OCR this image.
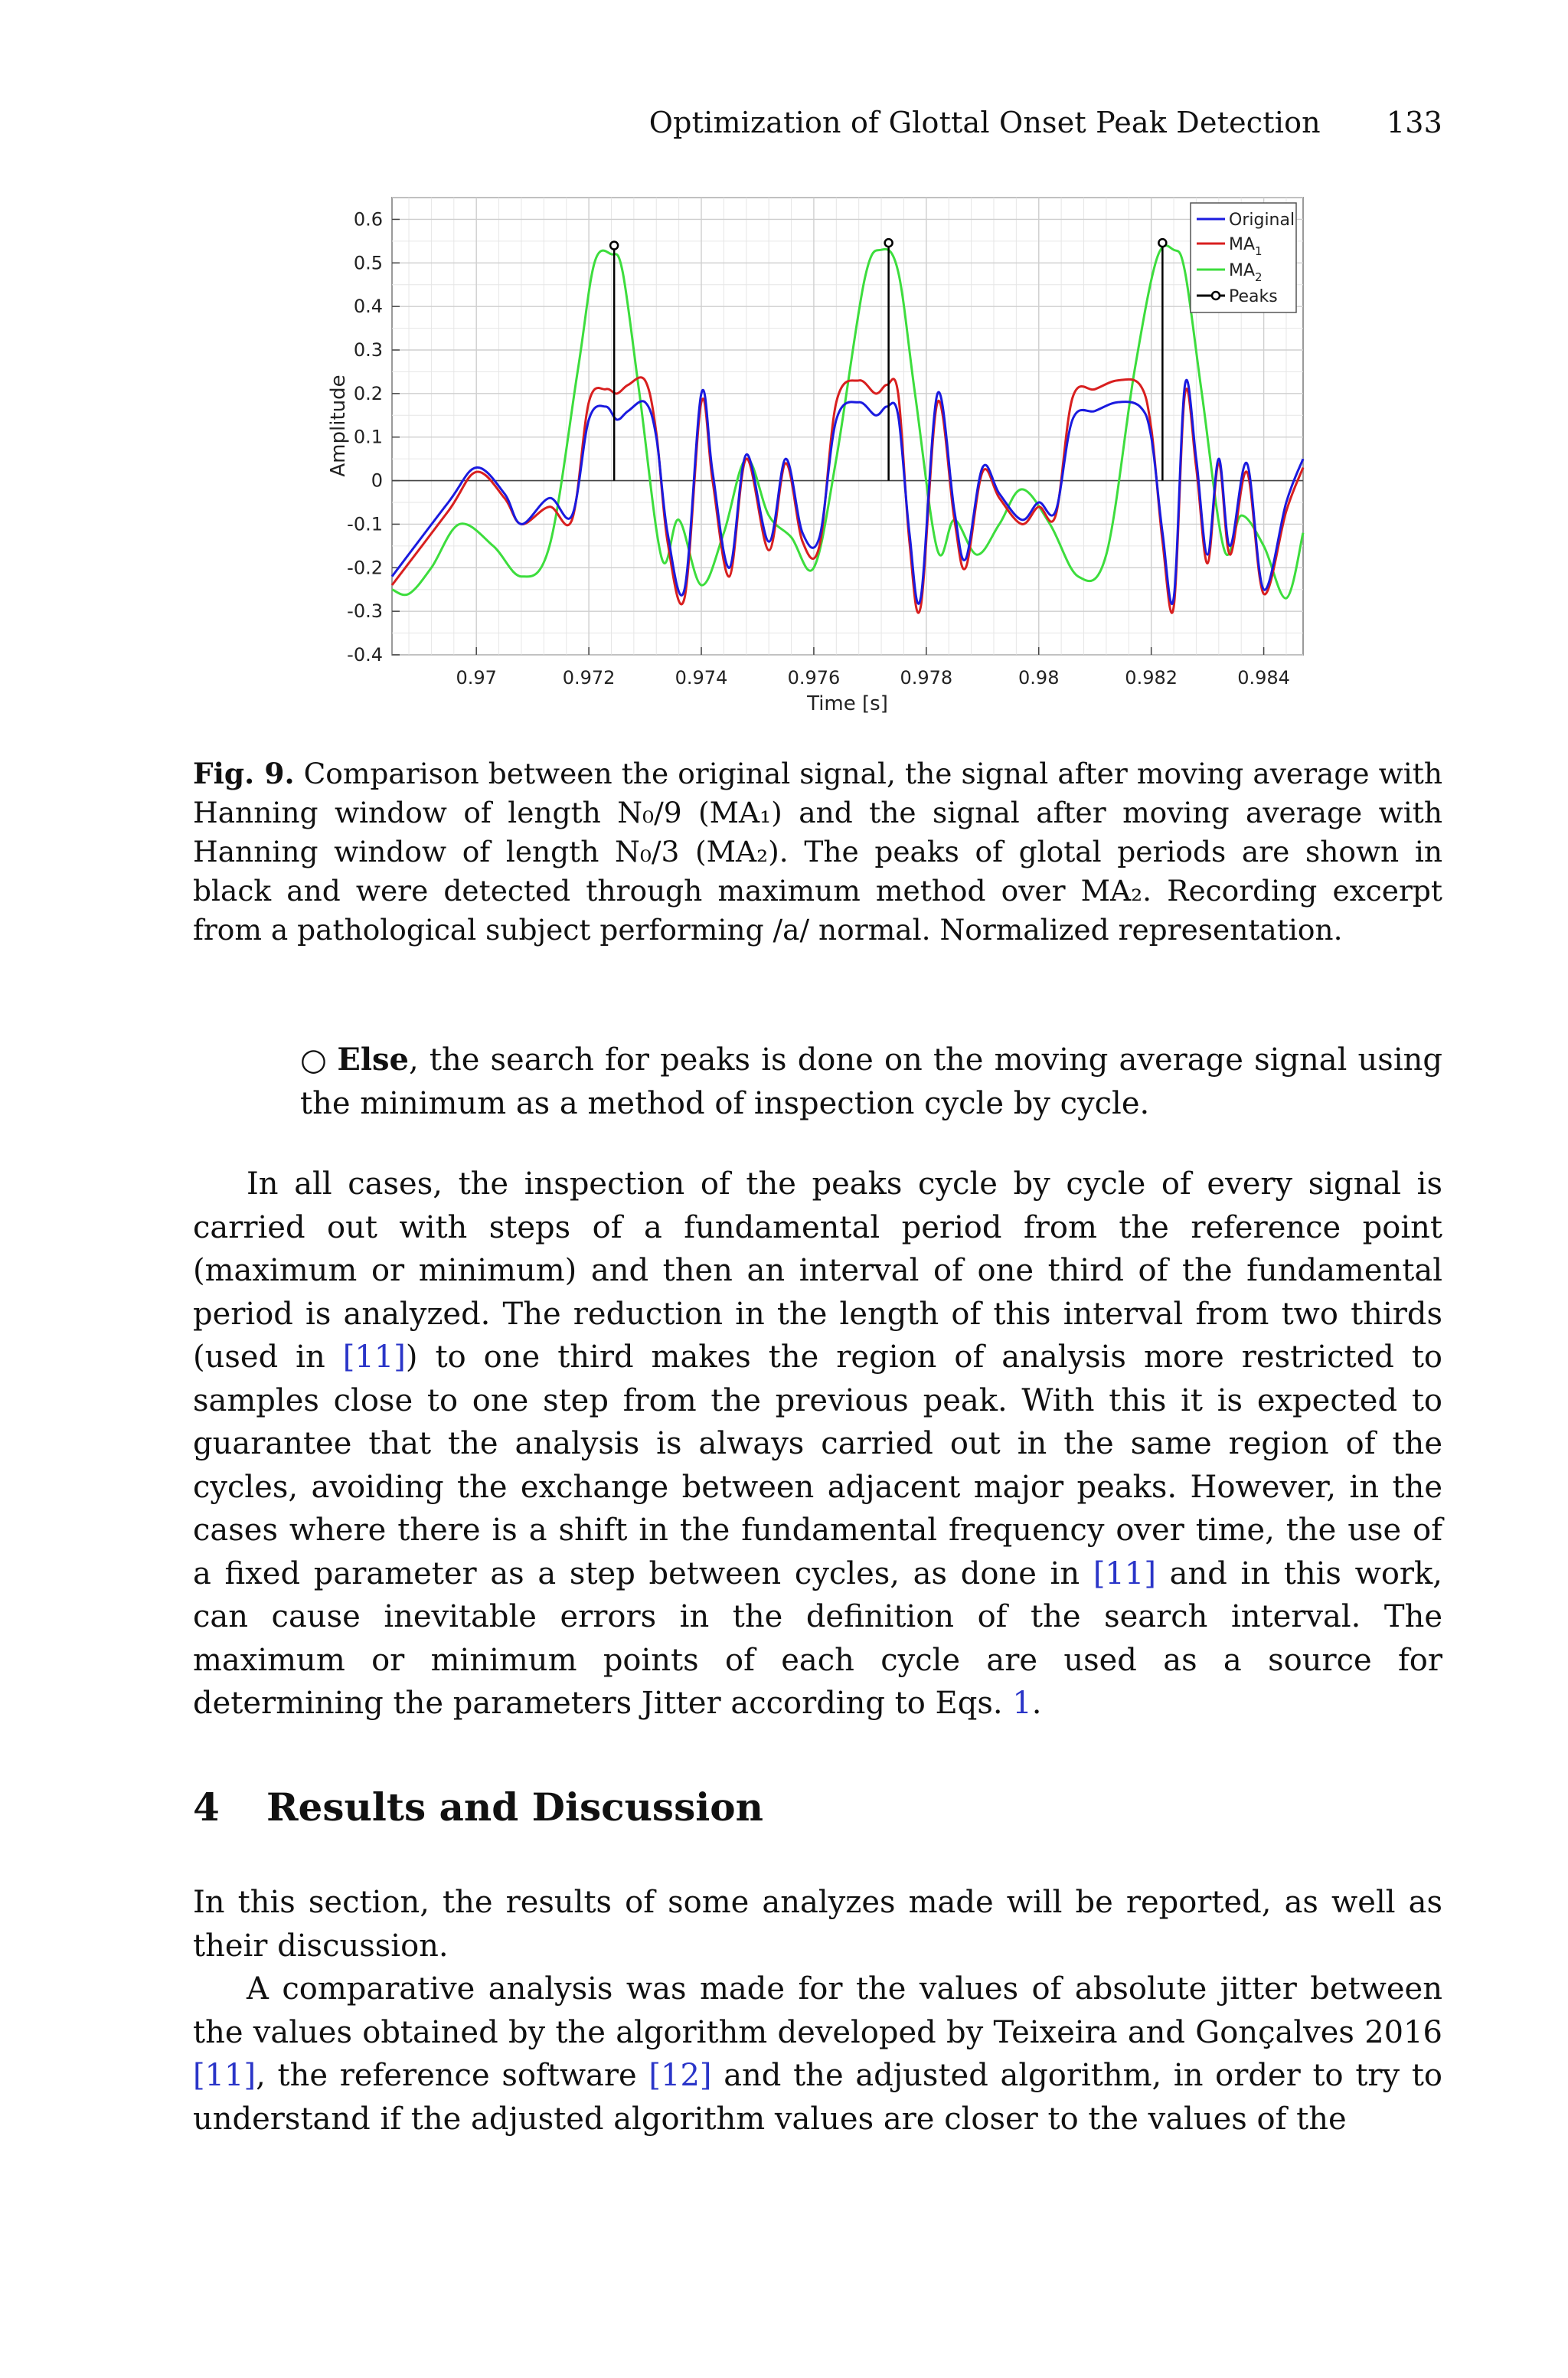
Optimization of Glottal Onset Peak Detection 133
0.6
0.5
0.4
0.3
0.2
0.1
0
-0.1
-0.2
-0.3
-0.4
0.97	0.972	0.974	0.976	0.978	0.98	0.982	0.984
Time [s]
Amplitude
Original
$MA_1$
$MA_2$
Peaks
Fig. 9. Comparison between the original signal, the signal after moving average with Hanning window of length N₀/9 (MA₁) and the signal after moving average with Hanning window of length N₀/3 (MA₂). The peaks of glotal periods are shown in black and were detected through maximum method over MA₂. Recording excerpt from a pathological subject performing /a/ normal. Normalized representation.
○ Else, the search for peaks is done on the moving average signal using the minimum as a method of inspection cycle by cycle.

In all cases, the inspection of the peaks cycle by cycle of every signal is carried out with steps of a fundamental period from the reference point (maximum or minimum) and then an interval of one third of the fundamental period is analyzed. The reduction in the length of this interval from two thirds (used in [11]) to one third makes the region of analysis more restricted to samples close to one step from the previous peak. With this it is expected to guarantee that the analysis is always carried out in the same region of the cycles, avoiding the exchange between adjacent major peaks. However, in the cases where there is a shift in the fundamental frequency over time, the use of a fixed parameter as a step between cycles, as done in [11] and in this work, can cause inevitable errors in the definition of the search interval. The maximum or minimum points of each cycle are used as a source for determining the parameters Jitter according to Eqs. 1.

4 Results and Discussion

In this section, the results of some analyzes made will be reported, as well as their discussion.

A comparative analysis was made for the values of absolute jitter between the values obtained by the algorithm developed by Teixeira and Gonçalves 2016 [11], the reference software [12] and the adjusted algorithm, in order to try to understand if the adjusted algorithm values are closer to the values of the
